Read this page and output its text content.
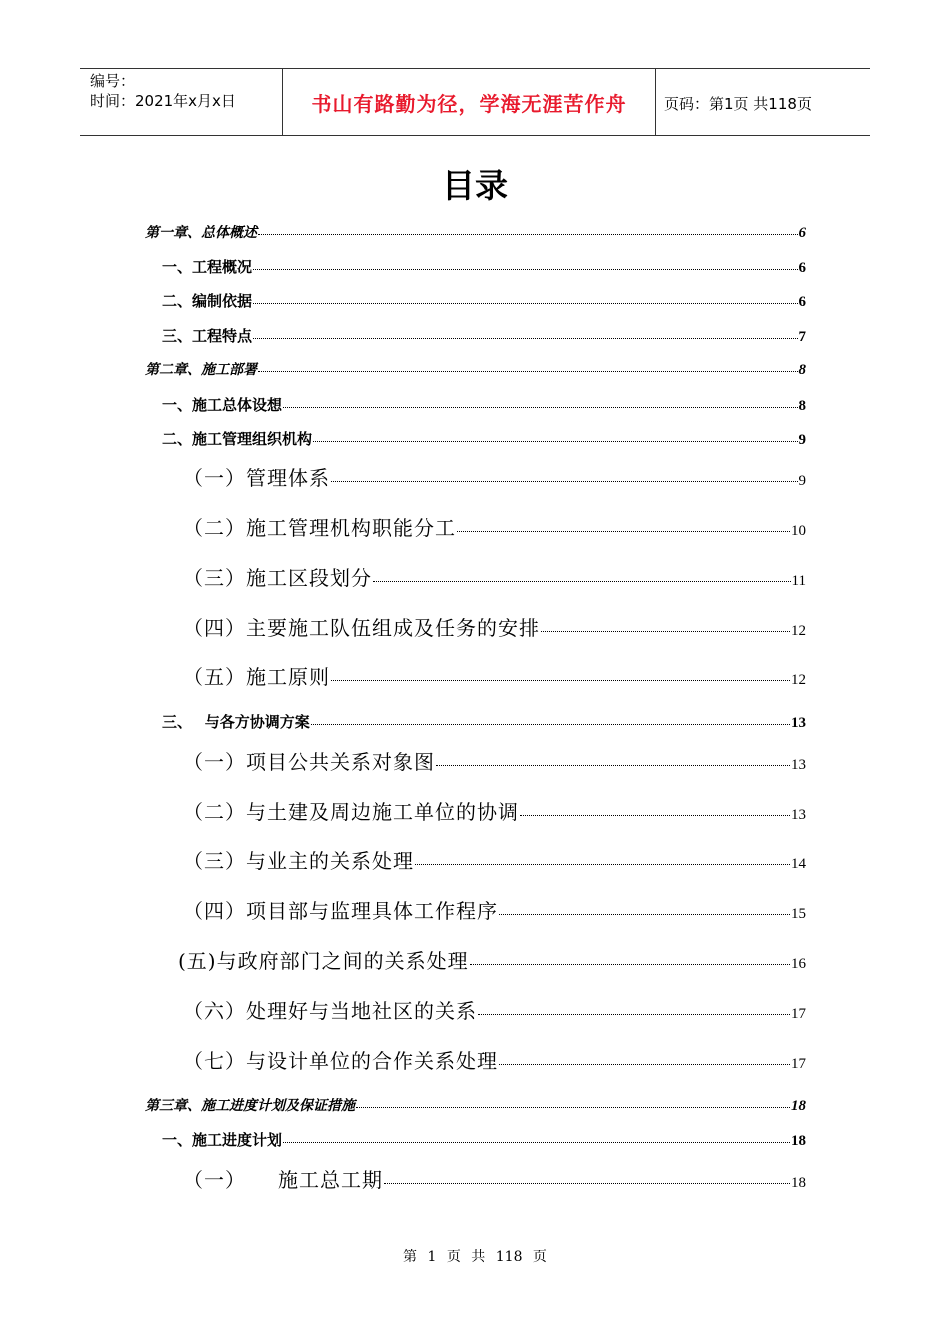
编号：
时间：2021年x月x日	书山有路勤为径，学海无涯苦作舟	页码：第1页 共118页
目录
第一章、总体概述	6
一、工程概况	6
二、编制依据	6
三、工程特点	7
第二章、施工部署	8
一、施工总体设想	8
二、施工管理组织机构	9
（一）管理体系	9
（二）施工管理机构职能分工	10
（三）施工区段划分	11
（四）主要施工队伍组成及任务的安排	12
（五）施工原则	12
三、　 与各方协调方案	13
（一）项目公共关系对象图	13
（二）与土建及周边施工单位的协调	13
（三）与业主的关系处理	14
（四）项目部与监理具体工作程序	15
(五)与政府部门之间的关系处理	16
（六）处理好与当地社区的关系	17
（七）与设计单位的合作关系处理	17
第三章、施工进度计划及保证措施	18
一、施工进度计划	18
（一）　　施工总工期	18
第 1 页 共 118 页
